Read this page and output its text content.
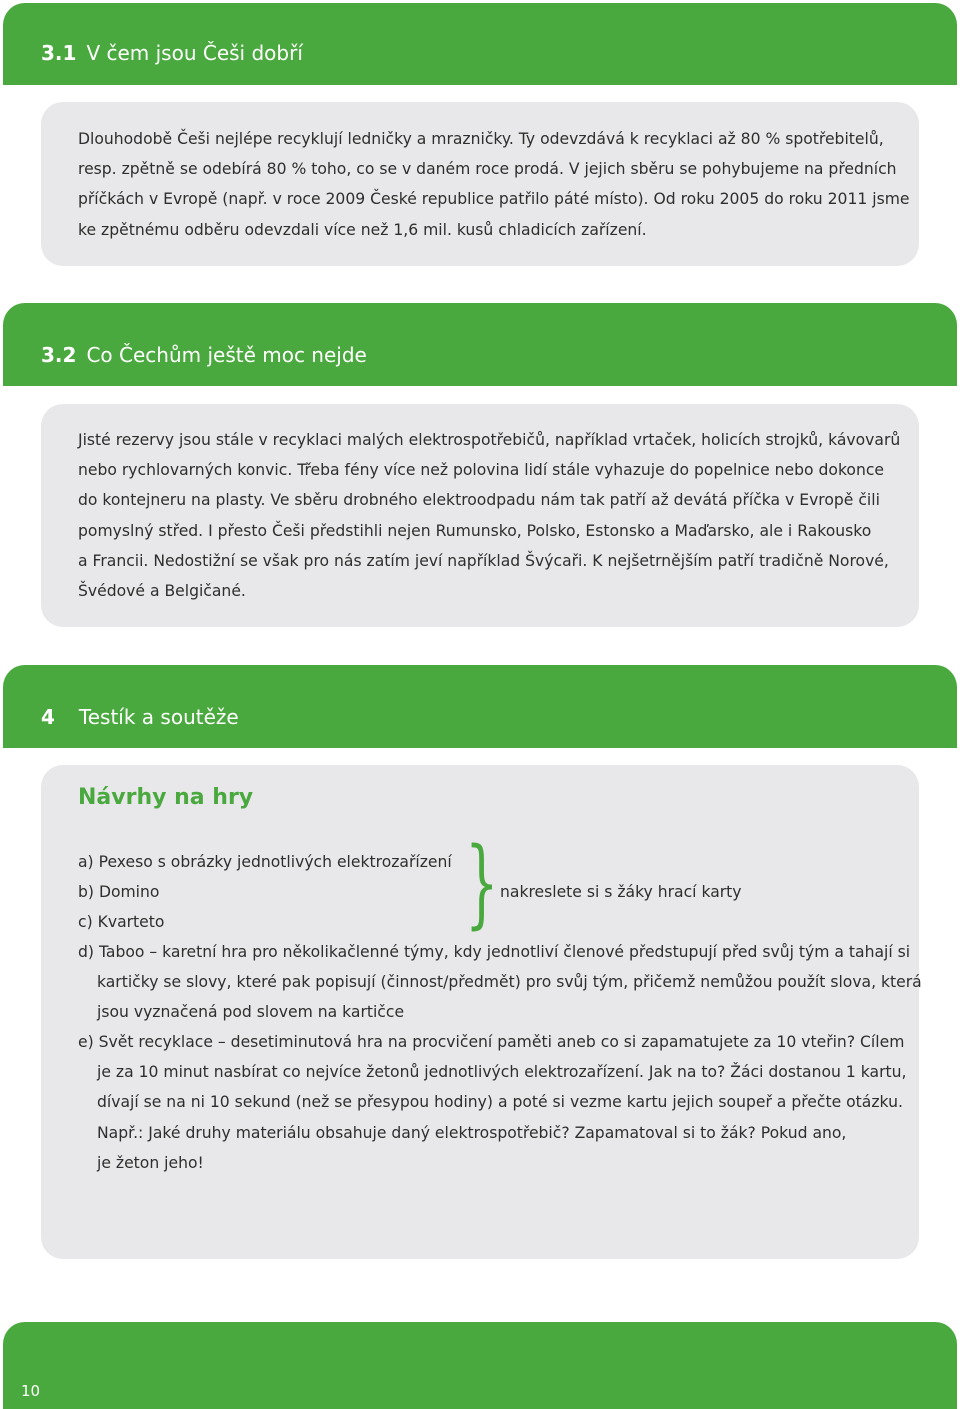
3.1 V čem jsou Češi dobří

Dlouhodobě Češi nejlépe recyklují ledničky a mrazničky. Ty odevzdává k recyklaci až 80 % spotřebitelů,
resp. zpětně se odebírá 80 % toho, co se v daném roce prodá. V jejich sběru se pohybujeme na předních
příčkách v Evropě (např. v roce 2009 České republice patřilo páté místo). Od roku 2005 do roku 2011 jsme
ke zpětnému odběru odevzdali více než 1,6 mil. kusů chladicích zařízení.

3.2 Co Čechům ještě moc nejde

Jisté rezervy jsou stále v recyklaci malých elektrospotřebičů, například vrtaček, holicích strojků, kávovarů
nebo rychlovarných konvic. Třeba fény více než polovina lidí stále vyhazuje do popelnice nebo dokonce
do kontejneru na plasty. Ve sběru drobného elektroodpadu nám tak patří až devátá příčka v Evropě čili
pomyslný střed. I přesto Češi předstihli nejen Rumunsko, Polsko, Estonsko a Maďarsko, ale i Rakousko
a Francii. Nedostižní se však pro nás zatím jeví například Švýcaři. K nejšetrnějším patří tradičně Norové,
Švédové a Belgičané.

4 Testík a soutěže
Návrhy na hry
a) Pexeso s obrázky jednotlivých elektrozařízení
b) Domino
c) Kvarteto	} nakreslete si s žáky hrací karty
d) Taboo – karetní hra pro několikačlenné týmy, kdy jednotliví členové předstupují před svůj tým a tahají si
kartičky se slovy, které pak popisují (činnost/předmět) pro svůj tým, přičemž nemůžou použít slova, která
jsou vyznačená pod slovem na kartičce
e) Svět recyklace – desetiminutová hra na procvičení paměti aneb co si zapamatujete za 10 vteřin? Cílem
je za 10 minut nasbírat co nejvíce žetonů jednotlivých elektrozařízení. Jak na to? Žáci dostanou 1 kartu,
dívají se na ni 10 sekund (než se přesypou hodiny) a poté si vezme kartu jejich soupeř a přečte otázku.
Např.: Jaké druhy materiálu obsahuje daný elektrospotřebič? Zapamatoval si to žák? Pokud ano,
je žeton jeho!
10
